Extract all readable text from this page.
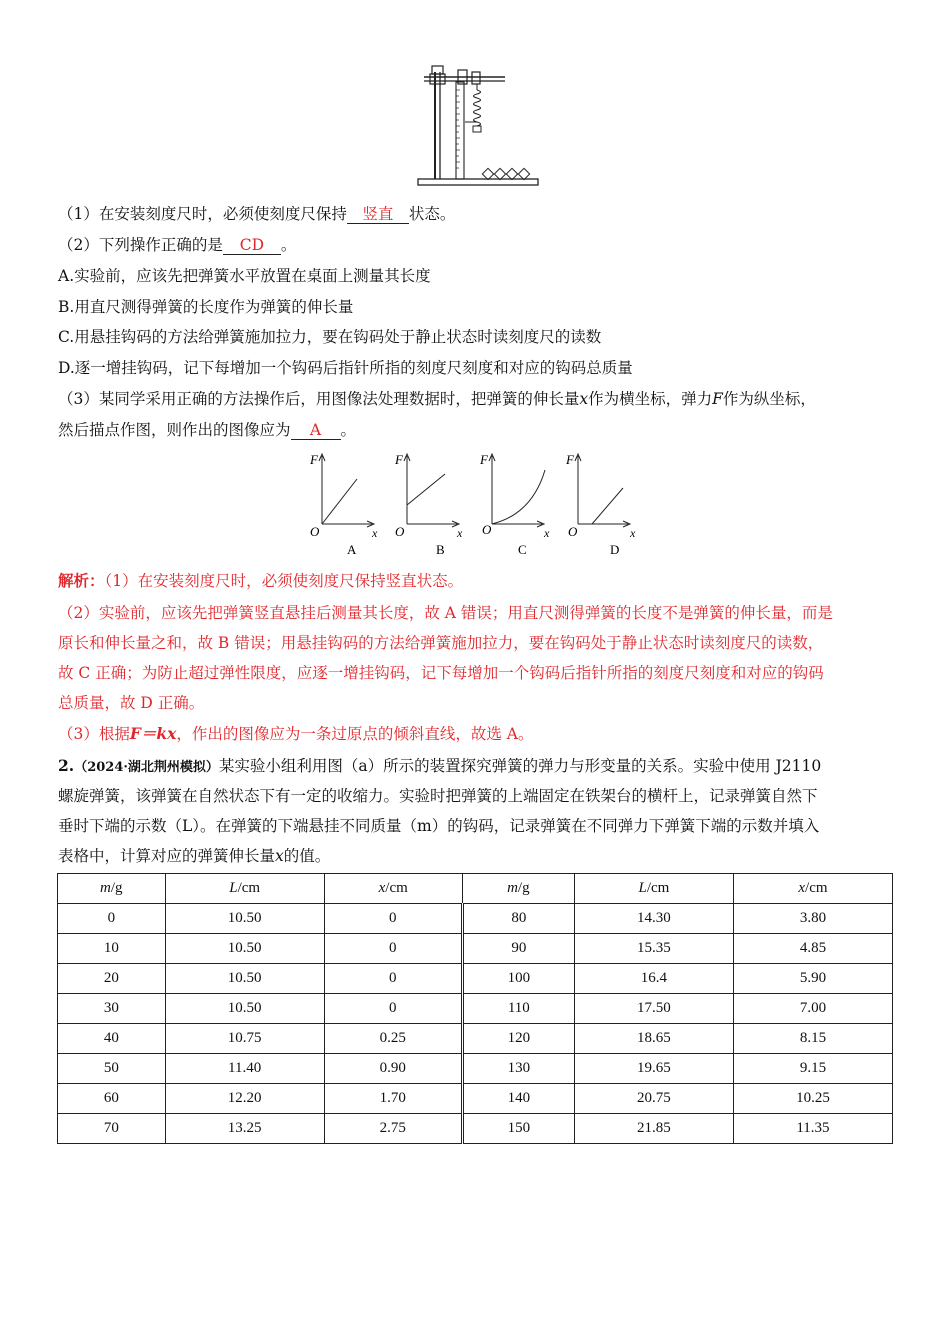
（1）在安装刻度尺时，必须使刻度尺保持 竖直 状态。
（2）下列操作正确的是 CD 。
A.实验前，应该先把弹簧水平放置在桌面上测量其长度
B.用直尺测得弹簧的长度作为弹簧的伸长量
C.用悬挂钩码的方法给弹簧施加拉力，要在钩码处于静止状态时读刻度尺的读数
D.逐一增挂钩码，记下每增加一个钩码后指针所指的刻度尺刻度和对应的钩码总质量
（3）某同学采用正确的方法操作后，用图像法处理数据时，把弹簧的伸长量x作为横坐标，弹力F作为纵坐标，
然后描点作图，则作出的图像应为 A 。
F
O	x
A
F
O	x
B
F
O	x
C
F
O	x
D
解析：（1）在安装刻度尺时，必须使刻度尺保持竖直状态。
（2）实验前，应该先把弹簧竖直悬挂后测量其长度，故 A 错误；用直尺测得弹簧的长度不是弹簧的伸长量，而是
原长和伸长量之和，故 B 错误；用悬挂钩码的方法给弹簧施加拉力，要在钩码处于静止状态时读刻度尺的读数，
故 C 正确；为防止超过弹性限度，应逐一增挂钩码，记下每增加一个钩码后指针所指的刻度尺刻度和对应的钩码
总质量，故 D 正确。
（3）根据F＝kx，作出的图像应为一条过原点的倾斜直线，故选 A。
2.（2024·湖北荆州模拟）某实验小组利用图（a）所示的装置探究弹簧的弹力与形变量的关系。实验中使用 J2110
螺旋弹簧，该弹簧在自然状态下有一定的收缩力。实验时把弹簧的上端固定在铁架台的横杆上，记录弹簧自然下
垂时下端的示数（L）。在弹簧的下端悬挂不同质量（m）的钩码，记录弹簧在不同弹力下弹簧下端的示数并填入
表格中，计算对应的弹簧伸长量x的值。
m/g	L/cm	x/cm	m/g	L/cm	x/cm
0	10.50	0	80	14.30	3.80
10	10.50	0	90	15.35	4.85
20	10.50	0	100	16.4	5.90
30	10.50	0	110	17.50	7.00
40	10.75	0.25	120	18.65	8.15
50	11.40	0.90	130	19.65	9.15
60	12.20	1.70	140	20.75	10.25
70	13.25	2.75	150	21.85	11.35
